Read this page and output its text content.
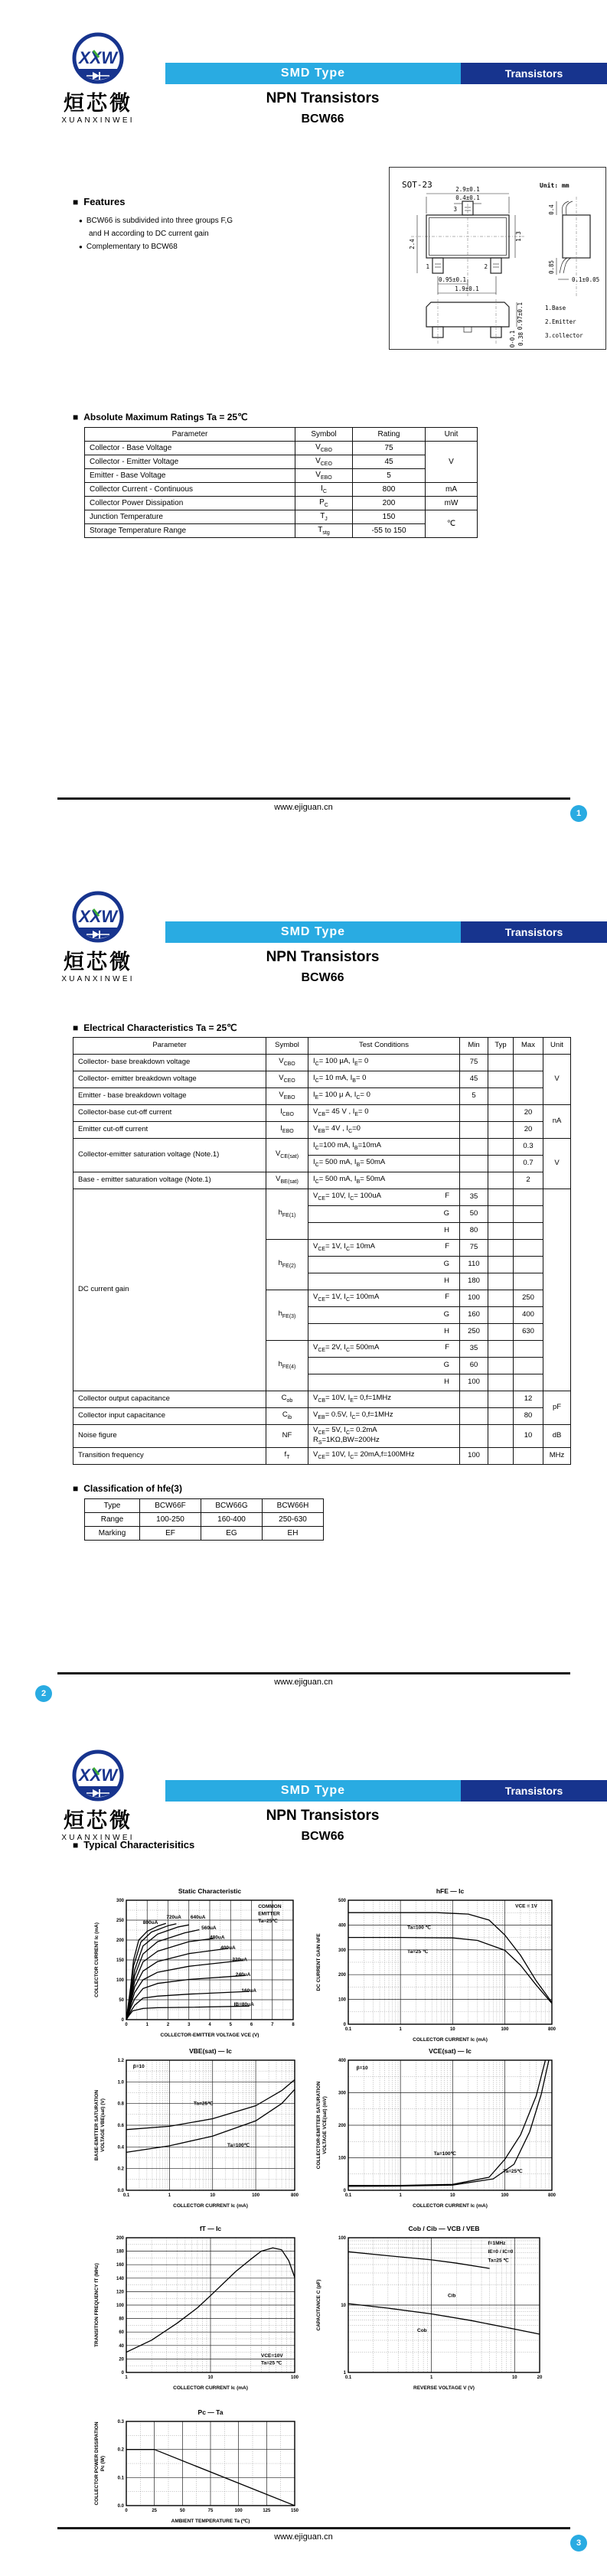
XXW
烜芯微
XUANXINWEI
SMD Type	Transistors
NPN Transistors
BCW66
■ Features
● BCW66 is subdivided into three groups F,G
and H according to DC current gain
● Complementary to BCW68
SOT-23	Unit: mm
3
1	2
2.9±0.1
0.4±0.1
2.4
1.3
0.95±0.1
1.9±0.1
0.4
0.85
0.1±0.05
0.97±0.1
0-0.1 0.38
1.Base
2.Emitter
3.collector
■ Absolute Maximum Ratings Ta = 25℃
Parameter	Symbol	Rating	Unit
Collector - Base Voltage	$V_{CBO}$	75	V
Collector - Emitter Voltage	$V_{CEO}$	45	
Emitter - Base Voltage	$V_{EBO}$	5	
Collector Current - Continuous	$I_C$	800	mA
Collector Power Dissipation	$P_C$	200	mW
Junction Temperature	$T_J$	150	℃
Storage Temperature Range	$T_{stg}$	-55 to 150	
www.ejiguan.cn
1
XXW
烜芯微
XUANXINWEI
SMD Type	Transistors
NPN Transistors
BCW66
■ Electrical Characteristics Ta = 25℃
Parameter	Symbol	Test Conditions	Min	Typ	Max	Unit
Collector- base breakdown voltage	$V_{CBO}$	$I_C= 100$ μA, $I_E= 0$	75			V
Collector- emitter breakdown voltage	$V_{CEO}$	$I_C= 10$ mA, $I_B= 0$	45			
Emitter - base breakdown voltage	$V_{EBO}$	$I_E= 100$ μ A, $I_C= 0$	5			
Collector-base cut-off current	$I_{CBO}$	$V_{CB}= 45$ V , $I_E= 0$			20	nA
Emitter cut-off current	$I_{EBO}$	$V_{EB}= 4V$ , $I_C=0$			20	
Collector-emitter saturation voltage (Note.1)	$V_{CE(sat)}$	$I_C=100$ mA, $I_B=10mA$			0.3	V
		$I_C= 500$ mA, $I_B= 50mA$			0.7	
Base - emitter saturation voltage (Note.1)	$V_{BE(sat)}$	$I_C= 500$ mA, $I_B= 50mA$			2	
DC current gain	$h_{FE(1)}$	$V_{CE}= 10V$, $I_C= 100uA$ F	35			

		G	50			

		H	80			
	$h_{FE(2)}$	$V_{CE}= 1V$, $I_C= 10mA$ F	75			

		G	110			

		H	180			
	$h_{FE(3)}$	$V_{CE}= 1V$, $I_C= 100mA$ F	100		250	

		G	160		400	

		H	250		630	
	$h_{FE(4)}$	$V_{CE}= 2V$, $I_C= 500mA$ F	35			

		G	60			

		H	100			
Collector output capacitance	$C_{ob}$	$V_{CB}= 10V$, $I_E= 0,f=1MHz$			12	pF
Collector input capacitance	$C_{ib}$	$V_{EB}= 0.5V$, $I_C= 0,f=1MHz$			80	
Noise figure	NF	$V_{CE}= 5V$, $I_C= 0.2mA$
$R_S=1K\Omega,BW=200Hz$			10	dB
Transition frequency	$f_T$	$V_{CE}= 10V$, $I_C= 20mA,f=100MHz$	100			MHz
■ Classification of hfe(3)
Type	BCW66F	BCW66G	BCW66H
Range	100-250	160-400	250-630
Marking	EF	EG	EH
www.ejiguan.cn
2
XXW
烜芯微
XUANXINWEI
SMD Type	Transistors
NPN Transistors
BCW66
■ Typical Characterisitics
0	1	2	3	4	5	6	7	8
0
50
100
150
200
250
300
800uA
720uA 640uA
560uA
480uA
400uA
320uA
240uA
160uA
IB=80uA
COMMON
EMITTER
Ta=25℃
Static Characteristic
COLLECTOR-EMITTER VOLTAGE VCE (V)
COLLECTOR CURRENT Ic (mA)
0.1	1	10	100	800
0
100
200
300
400
500
Ta=100 ℃
Ta=25 ℃
VCE = 1V
hFE — Ic
COLLECTOR CURRENT Ic (mA)
DC CURRENT GAIN hFE
0.1	1	10	100	800
0.0
0.2
0.4
0.6
0.8
1.0
1.2
Ta=25℃
Ta=100℃
β=10
VBE(sat) — Ic
COLLECTOR CURRENT Ic (mA)
BASE-EMITTER SATURATION VOLTAGE VBE(sat) (V)
0.1	1	10	100	800
0
100
200
300
400
Ta=100℃
Ta=25℃
β=10
VCE(sat) — Ic
COLLECTOR CURRENT Ic (mA)
COLLECTOR-EMITTER SATURATION VOLTAGE VCE(sat) (mV)
1	10	100
0
20
40
60
80
100
120
140
160
180
200
VCE=10V
Ta=25 ℃
fT — Ic
COLLECTOR CURRENT Ic (mA)
TRANSITION FREQUENCY fT (MHz)
0.1	1	10	20
1
10
100
f=1MHz
IE=0 / IC=0
Ta=25 ℃
Cib
Cob
Cob / Cib — VCB / VEB
REVERSE VOLTAGE V (V)
CAPACITANCE C (pF)
0	25	50	75	100	125	150
0.0
0.1
0.2
0.3
Pc — Ta
AMBIENT TEMPERATURE Ta (℃)
COLLECTOR POWER DISSIPATION Pc (W)
www.ejiguan.cn
3
